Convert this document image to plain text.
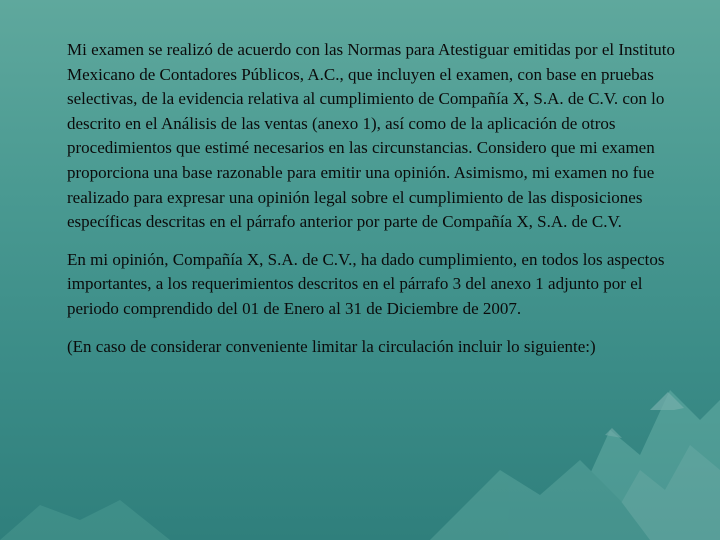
Mi examen se realizó de acuerdo con las Normas para Atestiguar emitidas por el Instituto Mexicano de Contadores Públicos, A.C., que incluyen el examen, con base en pruebas selectivas, de la evidencia relativa al cumplimiento de Compañía X, S.A. de C.V. con lo descrito en el Análisis de las ventas (anexo 1), así como de la aplicación de otros procedimientos que estimé necesarios en las circunstancias. Considero que mi examen proporciona una base razonable para emitir una opinión. Asimismo, mi examen no fue realizado para expresar una opinión legal sobre el cumplimiento de las disposiciones específicas descritas en el párrafo anterior por parte de Compañía X, S.A. de C.V.

En mi opinión, Compañía X, S.A. de C.V., ha dado cumplimiento, en todos los aspectos importantes, a los requerimientos descritos en el párrafo 3 del anexo 1 adjunto por el periodo comprendido del 01 de Enero al 31 de Diciembre de 2007.

(En caso de considerar conveniente limitar la circulación incluir lo siguiente:)
